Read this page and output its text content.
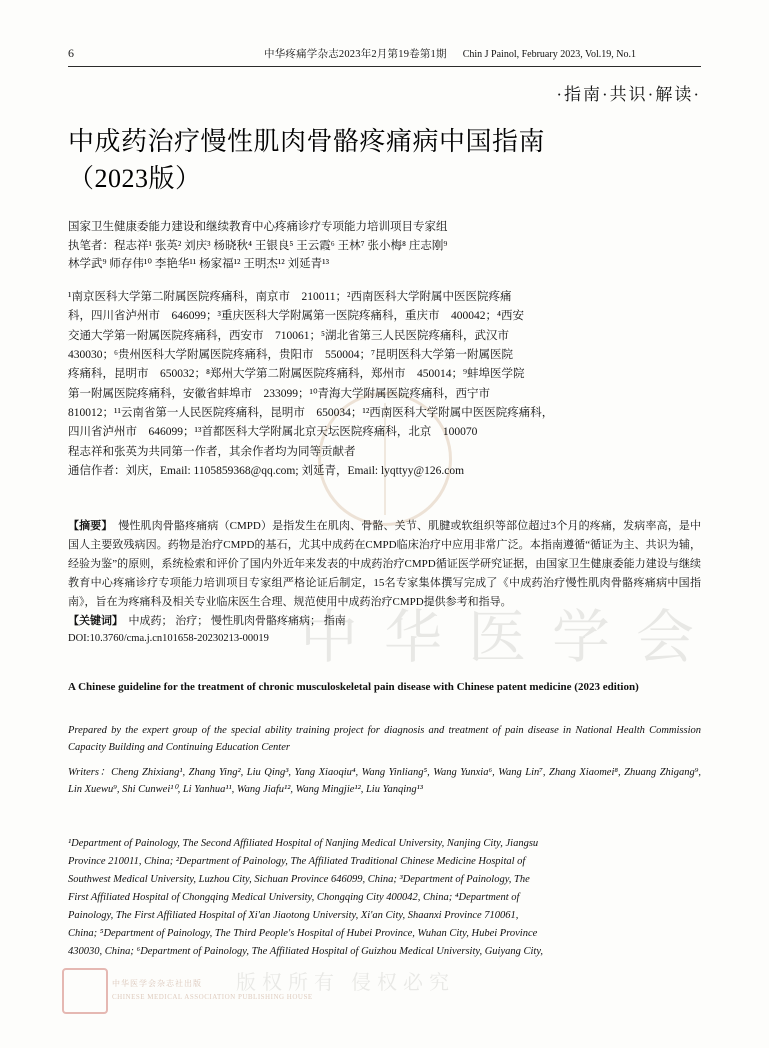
中华医学会
中华医学会杂志社出版
CHINESE MEDICAL ASSOCIATION PUBLISHING HOUSE
版权所有 侵权必究
6	中华疼痛学杂志2023年2月第19卷第1期 Chin J Painol, February 2023, Vol.19, No.1
·指南·共识·解读·
中成药治疗慢性肌肉骨骼疼痛病中国指南
（2023版）
国家卫生健康委能力建设和继续教育中心疼痛诊疗专项能力培训项目专家组
执笔者：程志祥¹ 张英² 刘庆³ 杨晓秋⁴ 王银良⁵ 王云霞⁶ 王林⁷ 张小梅⁸ 庄志刚⁹
林学武⁹ 师存伟¹⁰ 李艳华¹¹ 杨家福¹² 王明杰¹² 刘延青¹³

¹南京医科大学第二附属医院疼痛科，南京市　210011；²西南医科大学附属中医医院疼痛

科，四川省泸州市　646099；³重庆医科大学附属第一医院疼痛科，重庆市　400042；⁴西安

交通大学第一附属医院疼痛科，西安市　710061；⁵湖北省第三人民医院疼痛科，武汉市

430030；⁶贵州医科大学附属医院疼痛科，贵阳市　550004；⁷昆明医科大学第一附属医院

疼痛科，昆明市　650032；⁸郑州大学第二附属医院疼痛科，郑州市　450014；⁹蚌埠医学院

第一附属医院疼痛科，安徽省蚌埠市　233099；¹⁰青海大学附属医院疼痛科，西宁市

810012；¹¹云南省第一人民医院疼痛科，昆明市　650034；¹²西南医科大学附属中医医院疼痛科，

四川省泸州市　646099；¹³首都医科大学附属北京天坛医院疼痛科，北京　100070

程志祥和张英为共同第一作者，其余作者均为同等贡献者

通信作者：刘庆，Email: 1105859368@qq.com; 刘延青，Email: lyqttyy@126.com

【摘要】　 慢性肌肉骨骼疼痛病（CMPD）是指发生在肌肉、骨骼、关节、肌腱或软组织等部位超过3个月的疼痛，发病率高，是中国人主要致残病因。药物是治疗CMPD的基石，尤其中成药在CMPD临床治疗中应用非常广泛。本指南遵循“循证为主、共识为辅，经验为鉴”的原则，系统检索和评价了国内外近年来发表的中成药治疗CMPD循证医学研究证据，由国家卫生健康委能力建设与继续教育中心疼痛诊疗专项能力培训项目专家组严格论证后制定，15名专家集体撰写完成了《中成药治疗慢性肌肉骨骼疼痛病中国指南》，旨在为疼痛科及相关专业临床医生合理、规范使用中成药治疗CMPD提供参考和指导。

【关键词】　 中成药； 治疗； 慢性肌肉骨骼疼痛病； 指南

DOI:10.3760/cma.j.cn101658-20230213-00019

A Chinese guideline for the treatment of chronic musculoskeletal pain disease with Chinese patent medicine (2023 edition)
Prepared by the expert group of the special ability training project for diagnosis and treatment of pain disease in National Health Commission Capacity Building and Continuing Education Center
Writers：Cheng Zhixiang¹, Zhang Ying², Liu Qing³, Yang Xiaoqiu⁴, Wang Yinliang⁵, Wang Yunxia⁶, Wang Lin⁷, Zhang Xiaomei⁸, Zhuang Zhigang⁹, Lin Xuewu⁹, Shi Cunwei¹⁰, Li Yanhua¹¹, Wang Jiafu¹², Wang Mingjie¹², Liu Yanqing¹³

¹Department of Painology, The Second Affiliated Hospital of Nanjing Medical University, Nanjing City, Jiangsu

Province 210011, China; ²Department of Painology, The Affiliated Traditional Chinese Medicine Hospital of

Southwest Medical University, Luzhou City, Sichuan Province 646099, China; ³Department of Painology, The

First Affiliated Hospital of Chongqing Medical University, Chongqing City 400042, China; ⁴Department of

Painology, The First Affiliated Hospital of Xi'an Jiaotong University, Xi'an City, Shaanxi Province 710061,

China; ⁵Department of Painology, The Third People's Hospital of Hubei Province, Wuhan City, Hubei Province

430030, China; ⁶Department of Painology, The Affiliated Hospital of Guizhou Medical University, Guiyang City,
